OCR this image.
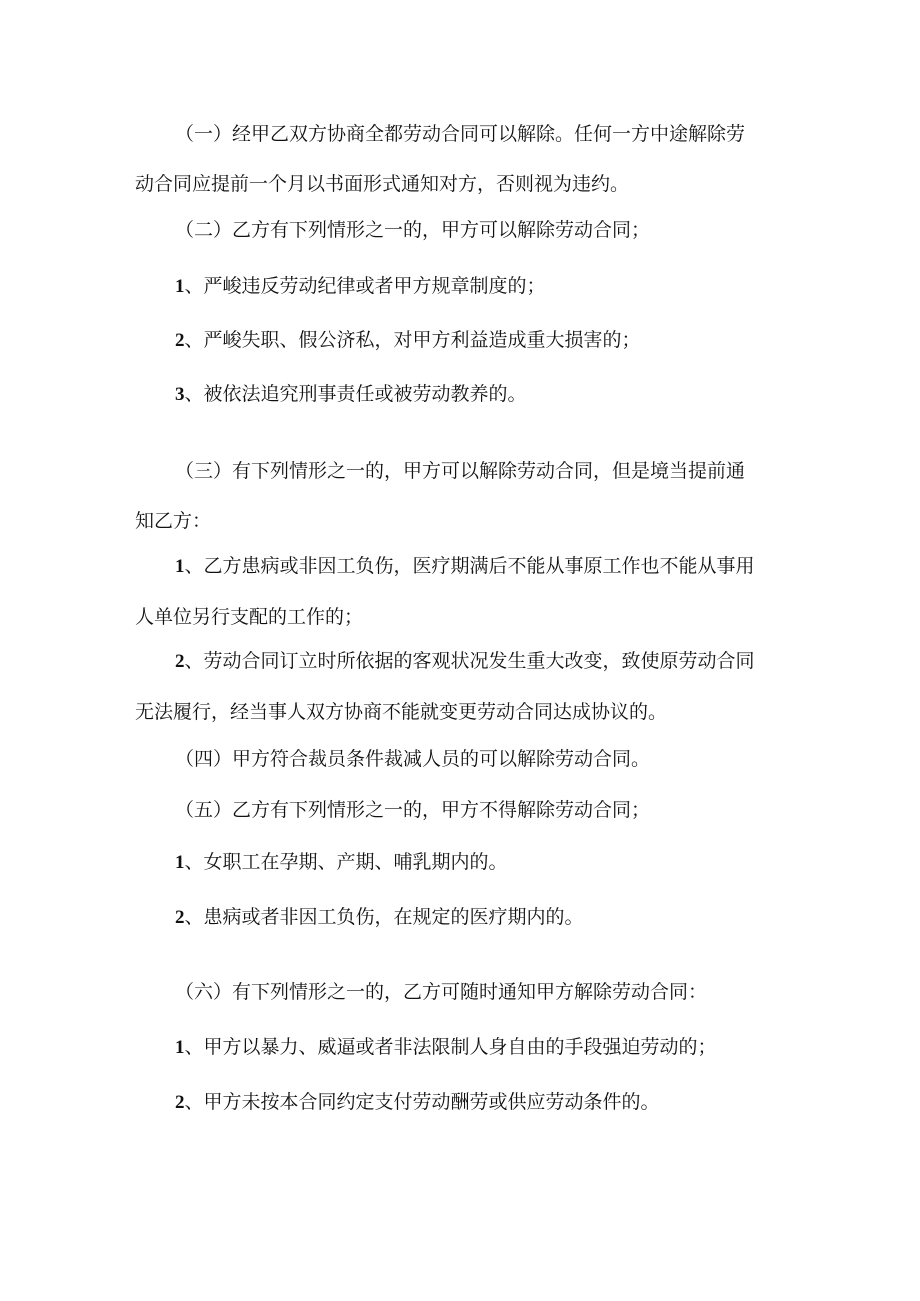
（一）经甲乙双方协商全都劳动合同可以解除。任何一方中途解除劳
动合同应提前一个月以书面形式通知对方，否则视为违约。
（二）乙方有下列情形之一的，甲方可以解除劳动合同；
1、严峻违反劳动纪律或者甲方规章制度的；
2、严峻失职、假公济私，对甲方利益造成重大损害的；
3、被依法追究刑事责任或被劳动教养的。
（三）有下列情形之一的，甲方可以解除劳动合同，但是境当提前通
知乙方：
1、乙方患病或非因工负伤，医疗期满后不能从事原工作也不能从事用
人单位另行支配的工作的；
2、劳动合同订立时所依据的客观状况发生重大改变，致使原劳动合同
无法履行，经当事人双方协商不能就变更劳动合同达成协议的。
（四）甲方符合裁员条件裁减人员的可以解除劳动合同。
（五）乙方有下列情形之一的，甲方不得解除劳动合同；
1、女职工在孕期、产期、哺乳期内的。
2、患病或者非因工负伤，在规定的医疗期内的。
（六）有下列情形之一的，乙方可随时通知甲方解除劳动合同：
1、甲方以暴力、威逼或者非法限制人身自由的手段强迫劳动的；
2、甲方未按本合同约定支付劳动酬劳或供应劳动条件的。
